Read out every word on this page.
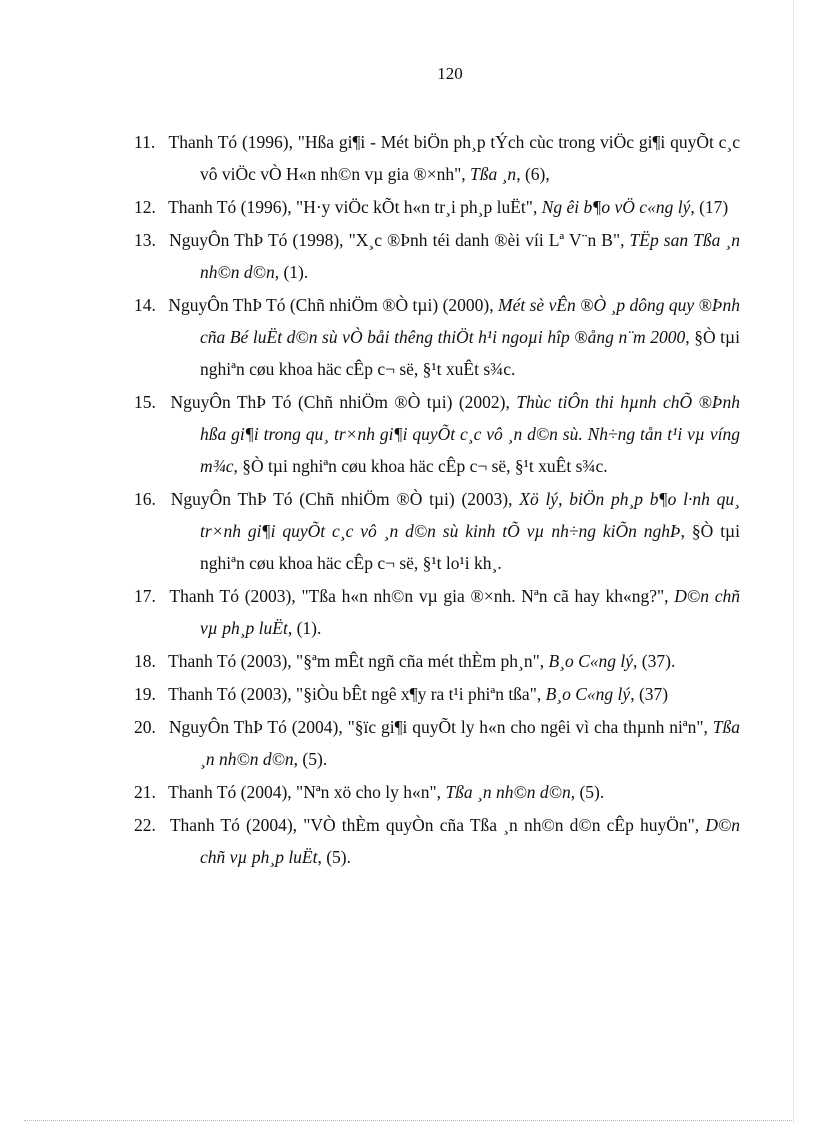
120
11. Thanh Tó (1996), "Hßa gi¶i - Mét biÖn ph¸p tÝch cùc trong viÖc gi¶i quyÕt c¸c vô viÖc vÒ H«n nh©n vµ gia ®×nh", Tßa ¸n, (6),
12. Thanh Tó (1996), "H·y viÖc kÕt h«n tr¸i ph¸p luËt", Ng êi b¶o vÖ c«ng lý, (17)
13. NguyÔn ThÞ Tó (1998), "X¸c ®Þnh téi danh ®èi víi Lª V¨n B", TËp san Tßa ¸n nh©n d©n, (1).
14. NguyÔn ThÞ Tó (Chñ nhiÖm ®Ò tµi) (2000), Mét sè vÊn ®Ò ¸p dông quy ®Þnh cña Bé luËt d©n sù vÒ båi thêng thiÖt h¹i ngoµi hîp ®ång n¨m 2000, §Ò tµi nghiªn cøu khoa häc cÊp c¬ së, §¹t xuÊt s¾c.
15. NguyÔn ThÞ Tó (Chñ nhiÖm ®Ò tµi) (2002), Thùc tiÔn thi hµnh chÕ ®Þnh hßa gi¶i trong qu¸ tr×nh gi¶i quyÕt c¸c vô ¸n d©n sù. Nh÷ng tån t¹i vµ víng m¾c, §Ò tµi nghiªn cøu khoa häc cÊp c¬ së, §¹t xuÊt s¾c.
16. NguyÔn ThÞ Tó (Chñ nhiÖm ®Ò tµi) (2003), Xö lý, biÖn ph¸p b¶o l·nh qu¸ tr×nh gi¶i quyÕt c¸c vô ¸n d©n sù kinh tÕ vµ nh÷ng kiÕn nghÞ, §Ò tµi nghiªn cøu khoa häc cÊp c¬ së, §¹t lo¹i kh¸.
17. Thanh Tó (2003), "Tßa h«n nh©n vµ gia ®×nh. Nªn cã hay kh«ng?", D©n chñ vµ ph¸p luËt, (1).
18. Thanh Tó (2003), "§ªm mÊt ngñ cña mét thÈm ph¸n", B¸o C«ng lý, (37).
19. Thanh Tó (2003), "§iÒu bÊt ngê x¶y ra t¹i phiªn tßa", B¸o C«ng lý, (37)
20. NguyÔn ThÞ Tó (2004), "§ïc gi¶i quyÕt ly h«n cho ngêi vì cha thµnh niªn", Tßa ¸n nh©n d©n, (5).
21. Thanh Tó (2004), "Nªn xö cho ly h«n", Tßa ¸n nh©n d©n, (5).
22. Thanh Tó (2004), "VÒ thÈm quyÒn cña Tßa ¸n nh©n d©n cÊp huyÖn", D©n chñ vµ ph¸p luËt, (5).
